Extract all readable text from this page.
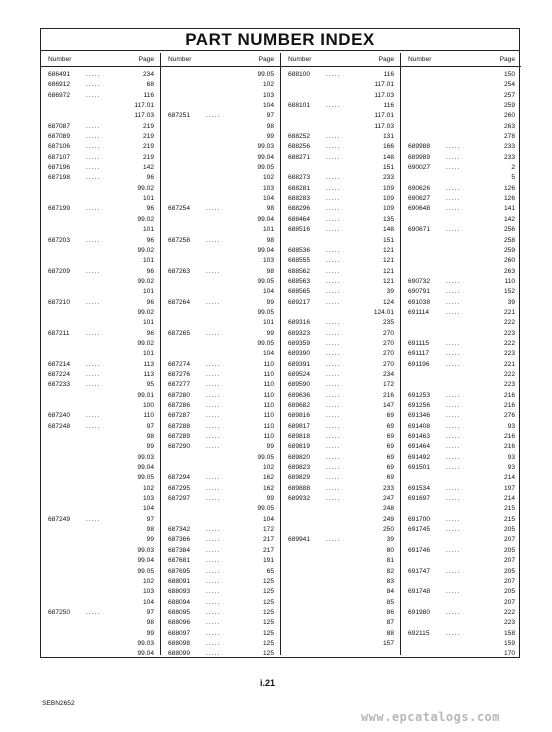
PART NUMBER INDEX
Number	Page
686491 .....	234
686912 .....	68
686972 .....	116
117.01
117.03
687087 .....	219
687089 .....	219
687106 .....	219
687107 .....	219
687196 .....	142
687198 .....	96
99.02
101
687199 .....	96
99.02
101
687203 .....	96
99.02
101
687209 .....	96
99.02
101
687210 .....	96
99.02
101
687211 .....	96
99.02
101
687214 .....	113
687224 .....	113
687233 .....	95
99.01
100
687240 .....	110
687248 .....	97
98
99
99.03
99.04
99.05
102
103
104
687249 .....	97
98
99
99.03
99.04
99.05
102
103
104
687250 .....	97
98
99
99.03
99.04
Number	Page
99.05
102
103
104
687251 .....	97
98
99
99.03
99.04
99.05
102
103
104
687254 .....	98
99.04
101
687258 .....	98
99.04
103
687263 .....	98
99.05
104
687264 .....	99
99.05
101
687265 .....	99
99.05
104
687274 .....	110
687276 .....	110
687277 .....	110
687280 .....	110
687286 .....	110
687287 .....	110
687288 .....	110
687289 .....	110
687290 .....	99
99.05
102
687294 .....	162
687295 .....	162
687297 .....	99
99.05
104
687342 .....	172
687366 .....	217
687384 .....	217
687681 .....	191
687695 .....	65
688091 .....	125
688093 .....	125
688094 .....	125
688095 .....	125
688096 .....	125
688097 .....	125
688098 .....	125
688099 .....	125
Number	Page
688100 .....	116
117.01
117.03
688101 .....	116
117.01
117.03
688252 .....	131
688256 .....	166
688271 .....	148
151
688273 .....	233
688281 .....	109
688283 .....	109
688296 .....	109
688464 .....	135
688516 .....	148
151
688536 .....	121
688555 .....	121
688562 .....	121
688563 .....	121
688565 .....	39
689217 .....	124
124.01
689316 .....	235
689323 .....	270
689359 .....	270
689390 .....	270
689391 .....	270
689524 .....	234
689590 .....	172
689636 .....	216
689682 .....	147
689816 .....	69
689817 .....	69
689818 .....	69
689819 .....	69
689820 .....	69
689823 .....	69
689829 .....	69
689888 .....	233
689932 .....	247
248
249
250
689941 .....	39
80
81
82
83
84
85
86
87
88
157
Number	Page
150
254
257
259
260
263
278
689988 .....	233
689989 .....	233
690027 .....	2
5
690626 .....	126
690627 .....	126
690648 .....	141
142
690671 .....	256
258
259
260
263
690732 .....	110
690791 .....	152
691038 .....	39
691114	.....	221
222
223
691115	.....	222
691117	.....	223
691196 .....	221
222
223
691253 .....	216
691256 .....	216
691346 .....	276
691408 .....	93
691463 .....	216
691464 .....	216
691492 .....	93
691501 .....	93
214
691534 .....	197
691697 .....	214
215
691700 .....	215
691745 .....	205
207
691746 .....	205
207
691747 .....	205
207
691748 .....	205
207
691980 .....	222
223
692115 .....	158
159
170
i.21
SEBN2652
www.epcatalogs.com
